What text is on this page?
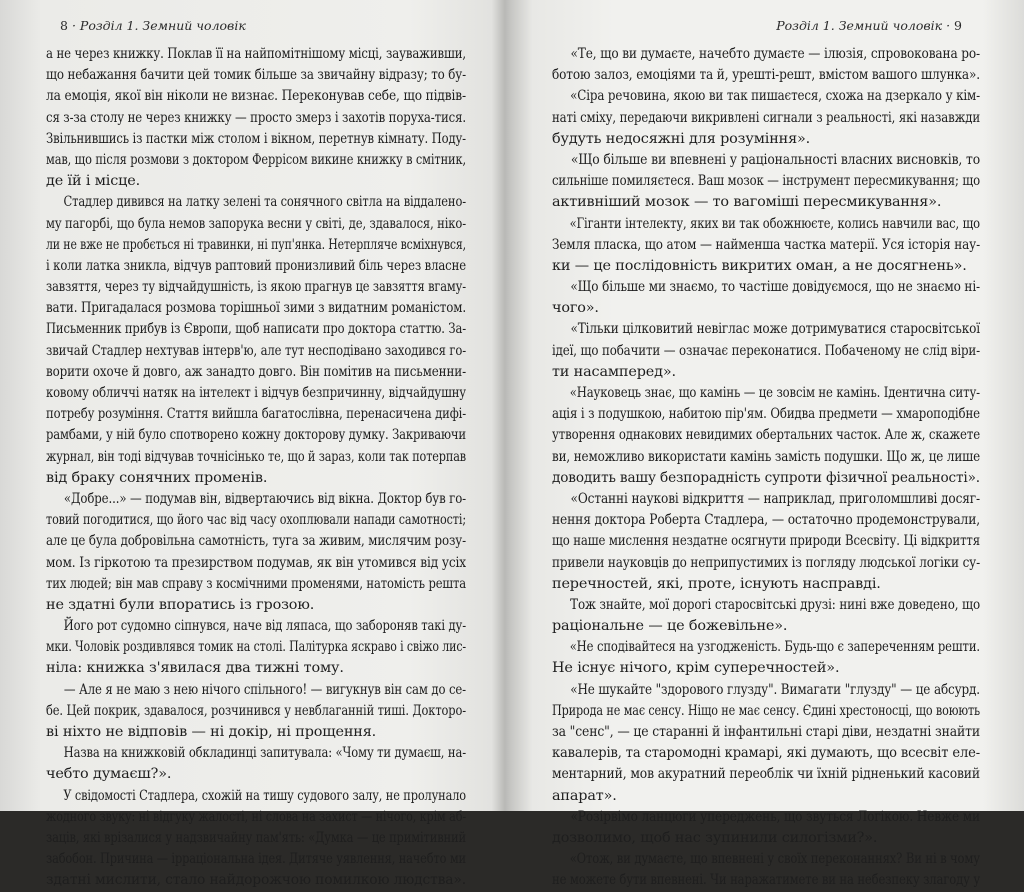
8 · Розділ 1. Земний чоловік
а не через книжку. Поклав її на найпомітнішому місці, зауваживши,
що небажання бачити цей томик більше за звичайну відразу; то бу-
ла емоція, якої він ніколи не визнає. Переконував себе, що підвів-
ся з-за столу не через книжку — просто змерз і захотів поруха-тися.
Звільнившись із пастки між столом і вікном, перетнув кімнату. Поду-
мав, що після розмови з доктором Феррісом викине книжку в смітник,
де їй і місце.
Стадлер дивився на латку зелені та сонячного світла на віддалено-
му пагорбі, що була немов запорука весни у світі, де, здавалося, ніко-
ли не вже не пробється ні травинки, ні пуп'янка. Нетерпляче всміхнувся,
і коли латка зникла, відчув раптовий пронизливий біль через власне
завзяття, через ту відчайдушність, із якою прагнув це завзяття вгаму-
вати. Пригадалася розмова торішньої зими з видатним романістом.
Письменник прибув із Європи, щоб написати про доктора статтю. За-
звичай Стадлер нехтував інтерв'ю, але тут несподівано заходився го-
ворити охоче й довго, аж занадто довго. Він помітив на письменни-
ковому обличчі натяк на інтелект і відчув безпричинну, відчайдушну
потребу розуміння. Стаття вийшла багатослівна, перенасичена дифі-
рамбами, у ній було спотворено кожну докторову думку. Закриваючи
журнал, він тоді відчував точнісінько те, що й зараз, коли так потерпав
від браку сонячних променів.
«Добре...» — подумав він, відвертаючись від вікна. Доктор був го-
товий погодитися, що його час від часу охоплювали напади самотності;
але це була добровільна самотність, туга за живим, мислячим розу-
мом. Із гіркотою та презирством подумав, як він утомився від усіх
тих людей; він мав справу з космічними променями, натомість решта
не здатні були впоратись із грозою.
Його рот судомно сіпнувся, наче від ляпаса, що забороняв такі ду-
мки. Чоловік роздивлявся томик на столі. Палітурка яскраво і свіжо лис-
ніла: книжка з'явилася два тижні тому.
— Але я не маю з нею нічого спільного! — вигукнув він сам до се-
бе. Цей покрик, здавалося, розчинився у невблаганній тиші. Докторо-
ві ніхто не відповів — ні докір, ні прощення.
Назва на книжковій обкладинці запитувала: «Чому ти думаєш, на-
чебто думаєш?».
У свідомості Стадлера, схожій на тишу судового залу, не пролунало
жодного звуку: ні відгуку жалості, ні слова на захист — нічого, крім аб-
заців, які врізалися у надзвичайну пам'ять: «Думка — це примітивний
забобон. Причина — ірраціональна ідея. Дитяче уявлення, начебто ми
здатні мислити, стало найдорожчою помилкою людства».
Розділ 1. Земний чоловік · 9
«Те, що ви думаєте, начебто думаєте — ілюзія, спровокована ро-
ботою залоз, емоціями та й, урешті-решт, вмістом вашого шлунка».
«Сіра речовина, якою ви так пишаєтеся, схожа на дзеркало у кім-
наті сміху, передаючи викривлені сигнали з реальності, які назавжди
будуть недосяжні для розуміння».
«Що більше ви впевнені у раціональності власних висновків, то
сильніше помиляєтеся. Ваш мозок — інструмент пересмикування; що
активніший мозок — то вагоміші пересмикування».
«Гіганти інтелекту, яких ви так обожнюєте, колись навчили вас, що
Земля пласка, що атом — найменша частка матерії. Уся історія нау-
ки — це послідовність викритих оман, а не досягнень».
«Що більше ми знаємо, то частіше довідуємося, що не знаємо ні-
чого».
«Тільки цілковитий невіглас може дотримуватися старосвітської
ідеї, що побачити — означає переконатися. Побаченому не слід віри-
ти насамперед».
«Науковець знає, що камінь — це зовсім не камінь. Ідентична ситу-
ація і з подушкою, набитою пір'ям. Обидва предмети — хмароподібне
утворення однакових невидимих обертальних часток. Але ж, скажете
ви, неможливо використати камінь замість подушки. Що ж, це лише
доводить вашу безпорадність супроти фізичної реальності».
«Останні наукові відкриття — наприклад, приголомшливі досяг-
нення доктора Роберта Стадлера, — остаточно продемонстрували,
що наше мислення нездатне осягнути природи Всесвіту. Ці відкриття
привели науковців до неприпустимих із погляду людської логіки су-
перечностей, які, проте, існують насправді.
Тож знайте, мої дорогі старосвітські друзі: нині вже доведено, що
раціональне — це божевільне».
«Не сподівайтеся на узгодженість. Будь-що є запереченням решти.
Не існує нічого, крім суперечностей».
«Не шукайте "здорового глузду". Вимагати "глузду" — це абсурд.
Природа не має сенсу. Ніщо не має сенсу. Єдині хрестоносці, що воюють
за "сенс", — це старанні й інфантильні старі діви, нездатні знайти
кавалерів, та старомодні крамарі, які думають, що всесвіт еле-
ментарний, мов акуратний переоблік чи їхній рідненький касовий
апарат».
«Розірвімо ланцюги упереджень, що звуться Логікою. Невже ми
дозволимо, щоб нас зупинили силогізми?».
«Отож, ви думаєте, що впевнені у своїх переконаннях? Ви ні в чому
не можете бути впевнені. Чи наражатимете ви на небезпеку злагоду у
